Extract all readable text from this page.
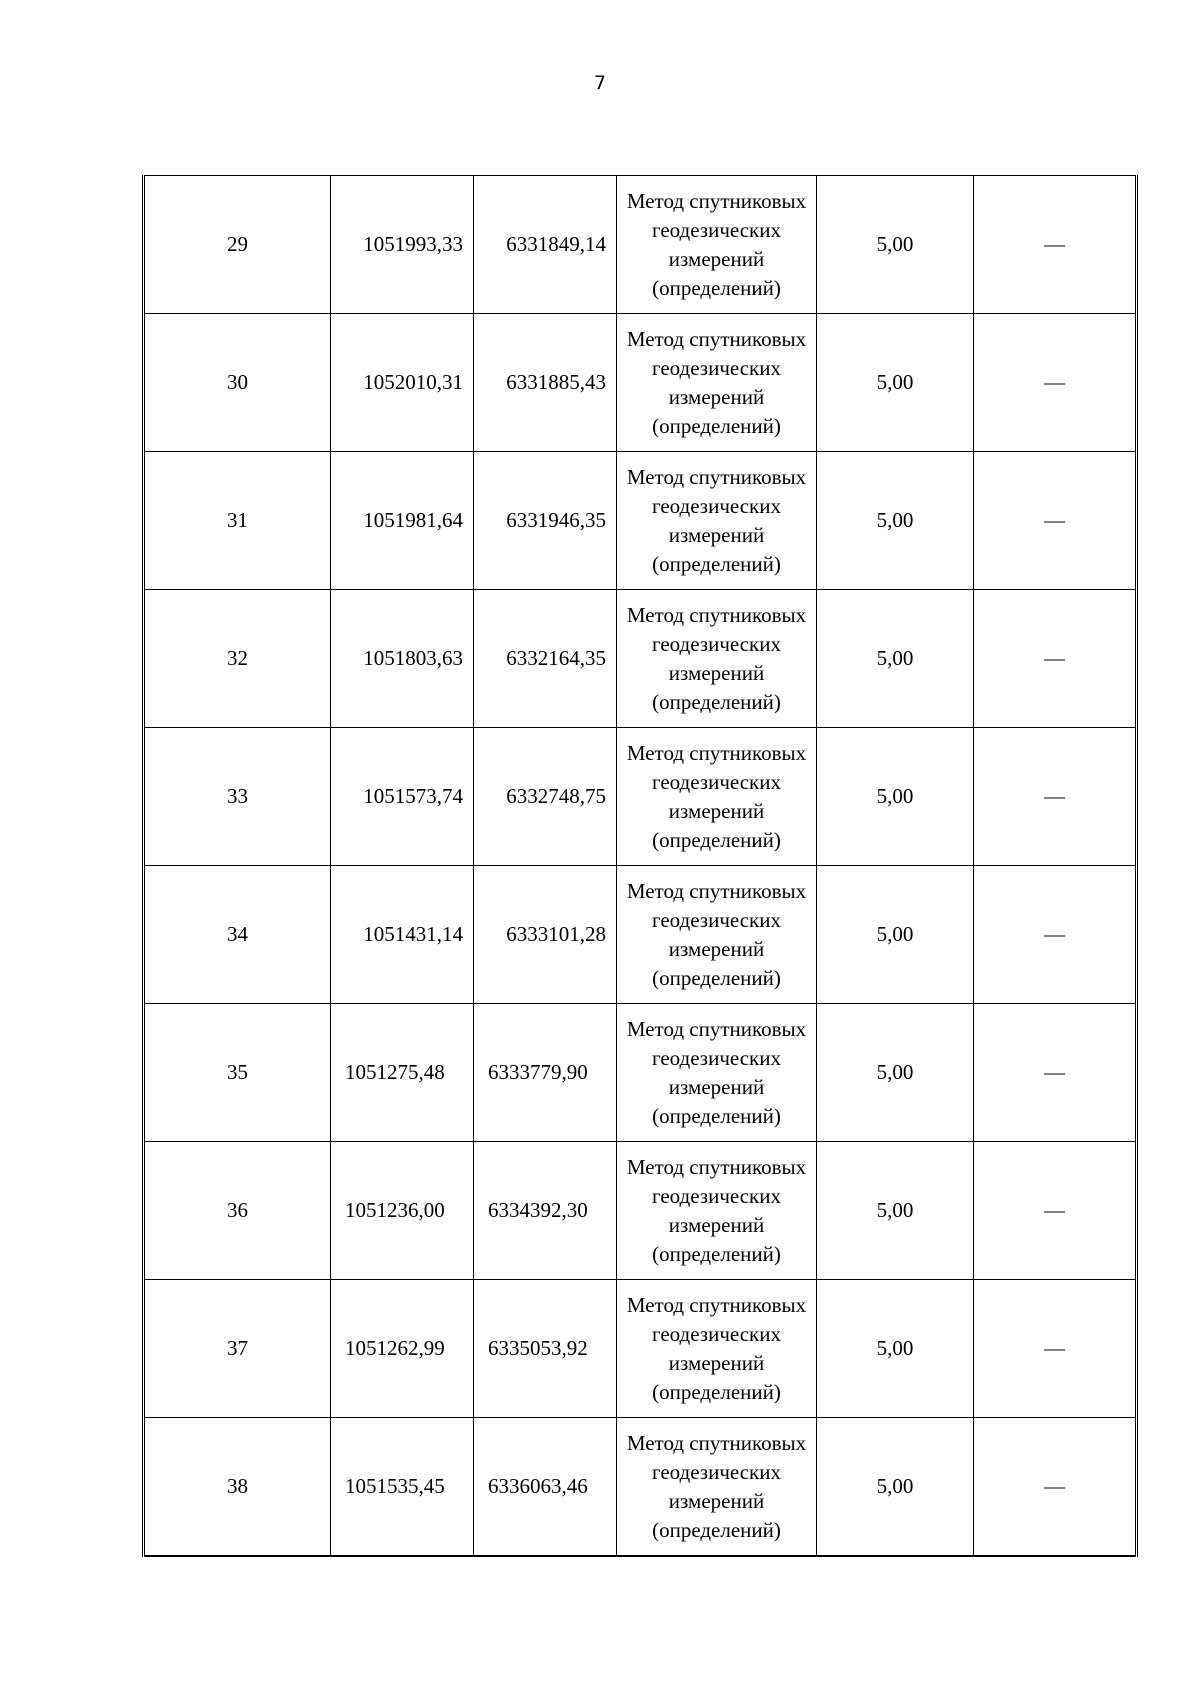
7
29	1051993,33	6331849,14	Метод спутниковых
геодезических
измерений
(определений)	5,00	—
30	1052010,31	6331885,43	Метод спутниковых
геодезических
измерений
(определений)	5,00	—
31	1051981,64	6331946,35	Метод спутниковых
геодезических
измерений
(определений)	5,00	—
32	1051803,63	6332164,35	Метод спутниковых
геодезических
измерений
(определений)	5,00	—
33	1051573,74	6332748,75	Метод спутниковых
геодезических
измерений
(определений)	5,00	—
34	1051431,14	6333101,28	Метод спутниковых
геодезических
измерений
(определений)	5,00	—
35	1051275,48	6333779,90	Метод спутниковых
геодезических
измерений
(определений)	5,00	—
36	1051236,00	6334392,30	Метод спутниковых
геодезических
измерений
(определений)	5,00	—
37	1051262,99	6335053,92	Метод спутниковых
геодезических
измерений
(определений)	5,00	—
38	1051535,45	6336063,46	Метод спутниковых
геодезических
измерений
(определений)	5,00	—
